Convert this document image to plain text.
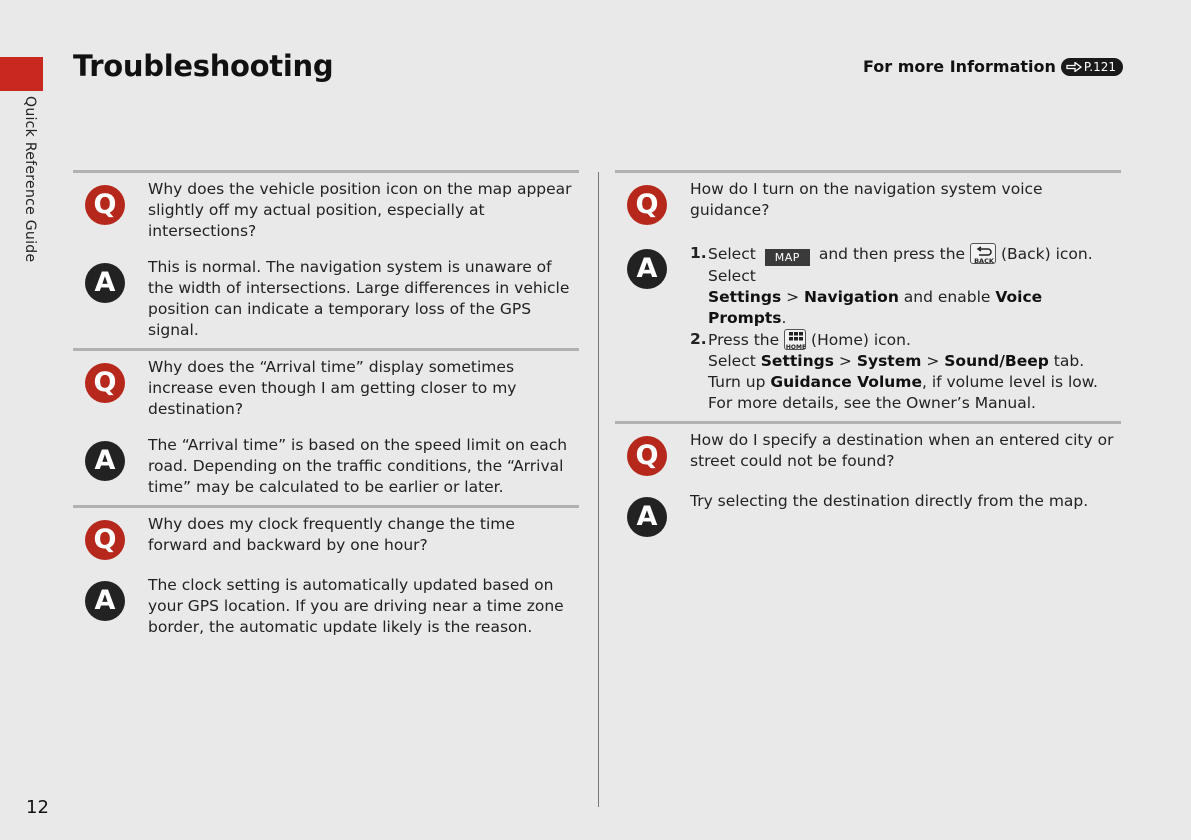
Quick Reference Guide
Troubleshooting	For more Information P.121
Q	Why does the vehicle position icon on the map appear slightly off my actual position, especially at intersections?
A	This is normal. The navigation system is unaware of the width of intersections. Large differences in vehicle position can indicate a temporary loss of the GPS signal.
Q	Why does the “Arrival time” display sometimes increase even though I am getting closer to my destination?
A	The “Arrival time” is based on the speed limit on each road. Depending on the traffic conditions, the “Arrival time” may be calculated to be earlier or later.
Q	Why does my clock frequently change the time forward and backward by one hour?
A	The clock setting is automatically updated based on your GPS location. If you are driving near a time zone border, the automatic update likely is the reason.
Q	How do I turn on the navigation system voice guidance?
A	1. Select MAP and then press the BACK (Back) icon. Select
Settings > Navigation and enable Voice Prompts.
2. Press the HOME (Home) icon.
Select Settings > System > Sound/Beep tab.
Turn up Guidance Volume, if volume level is low.
For more details, see the Owner’s Manual.
Q	How do I specify a destination when an entered city or street could not be found?
A	Try selecting the destination directly from the map.
12
